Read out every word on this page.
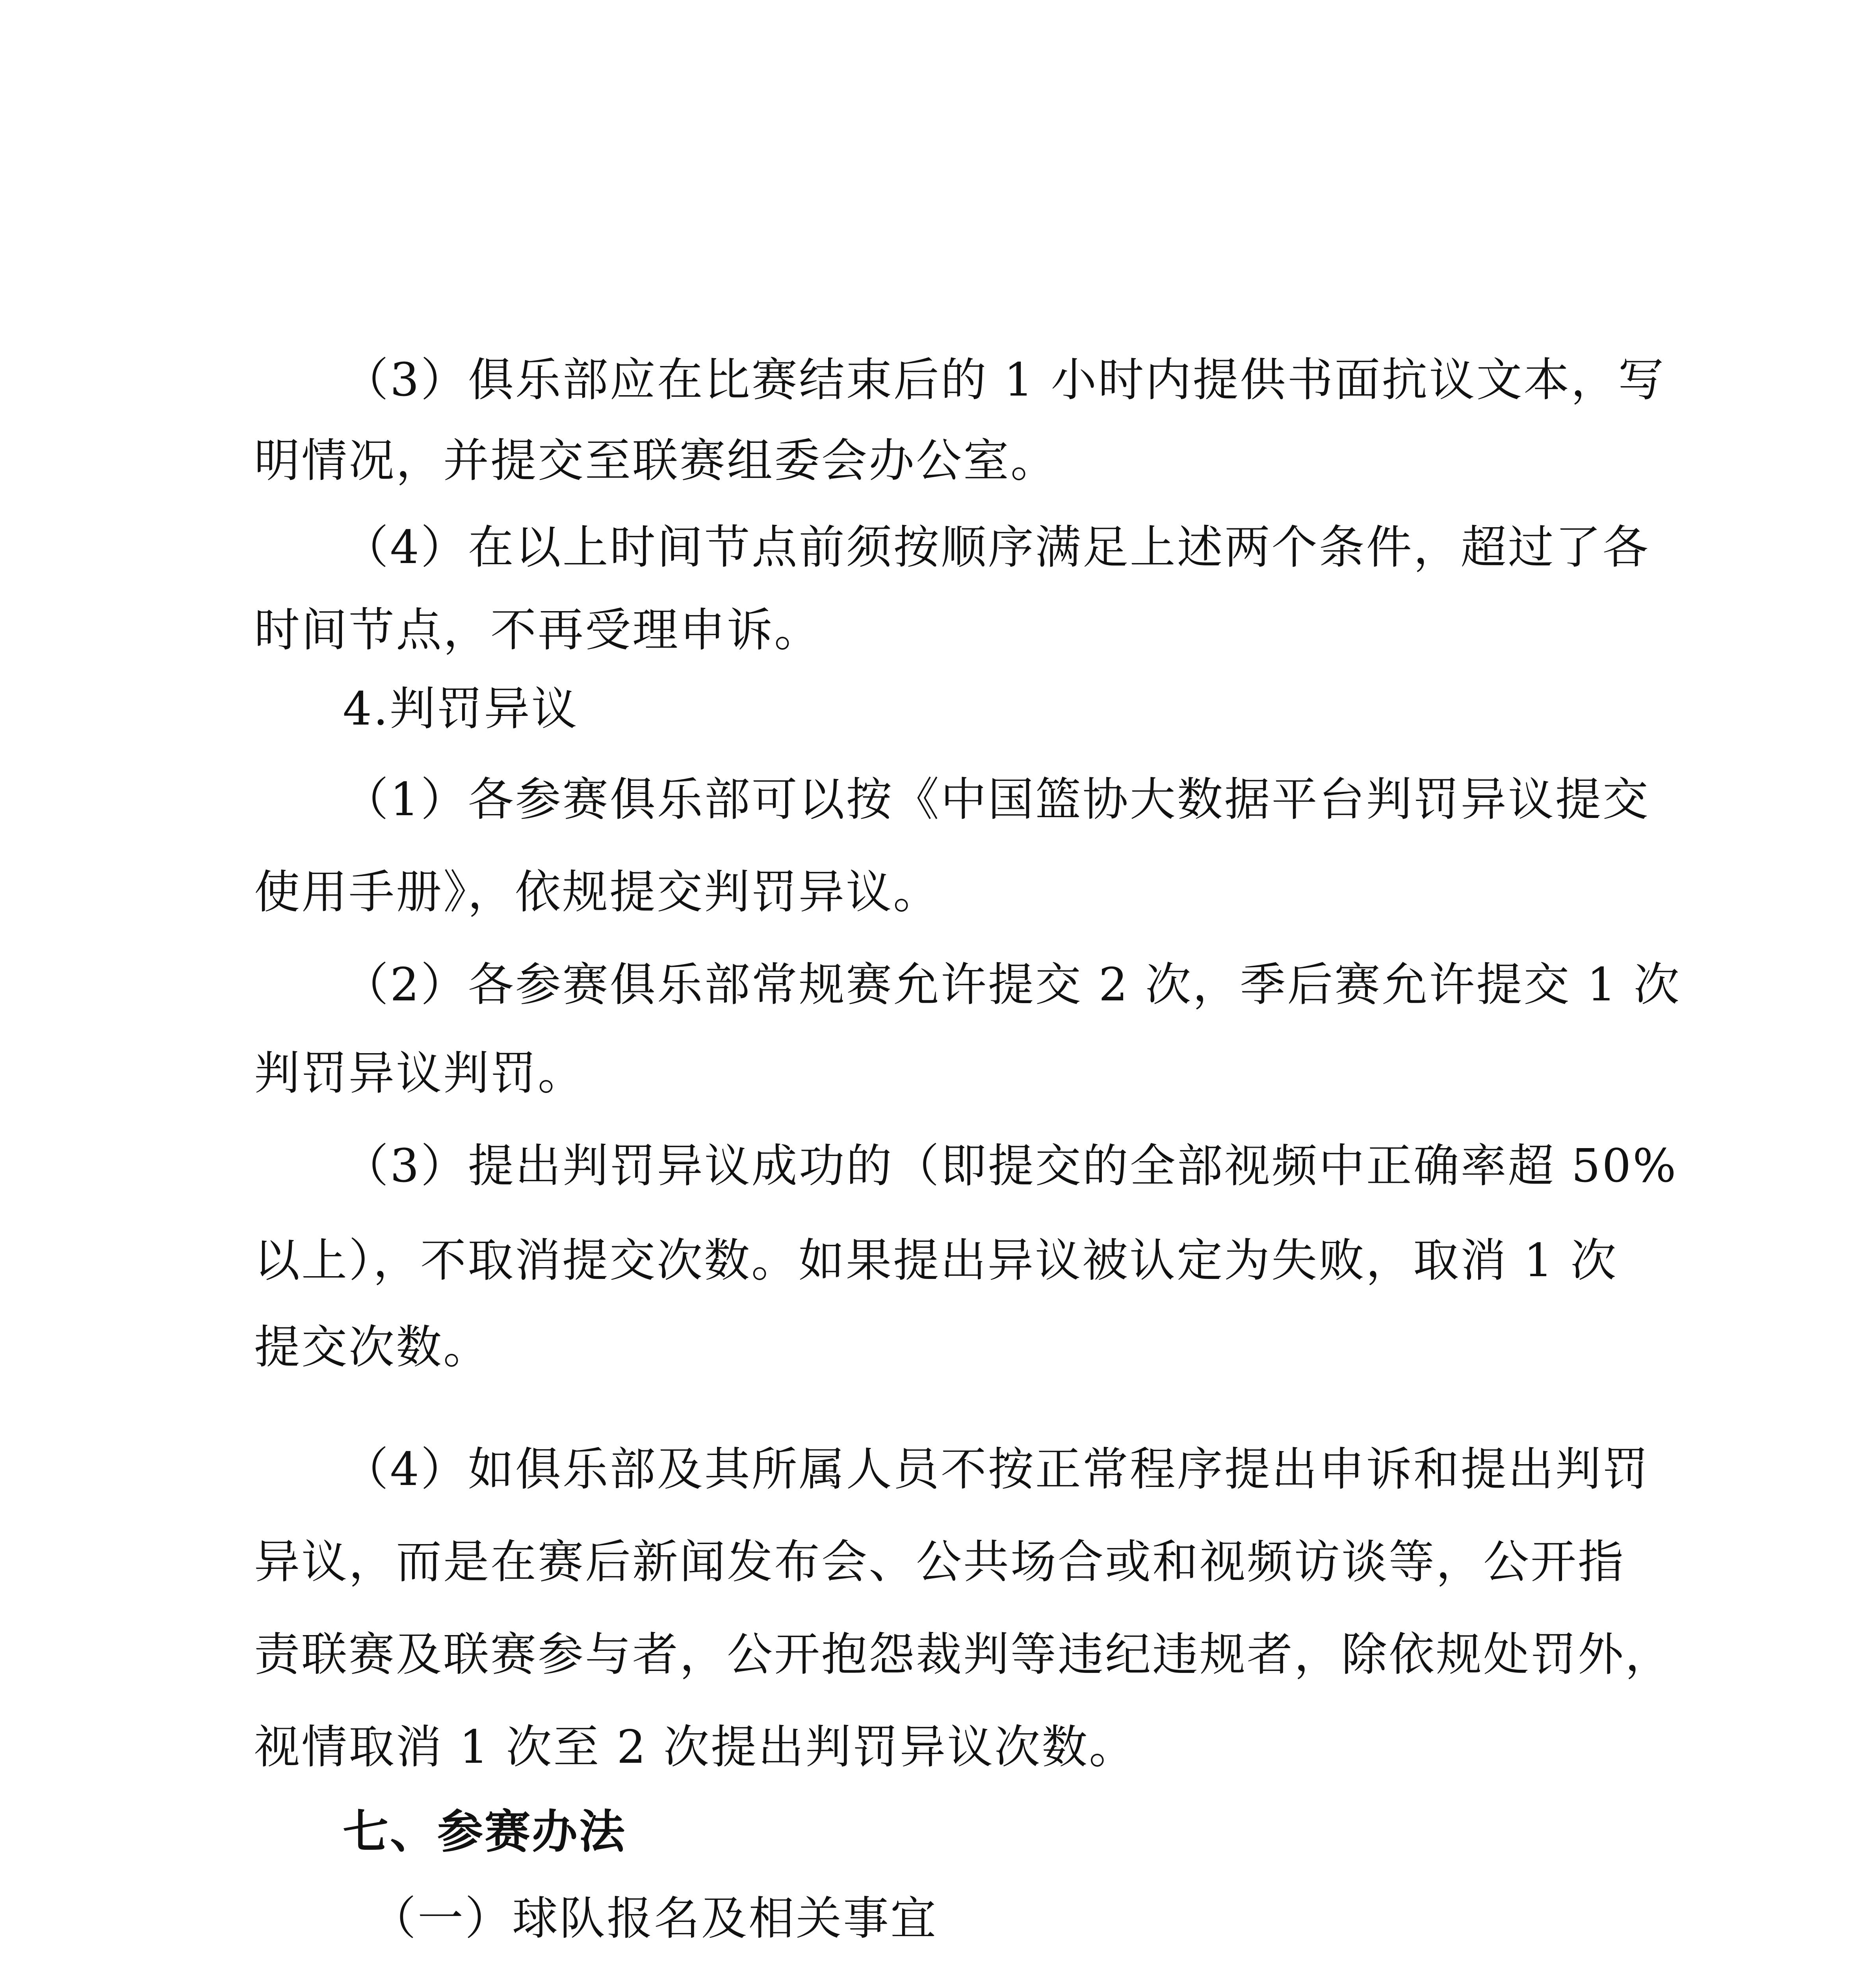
（3）俱乐部应在比赛结束后的 1 小时内提供书面抗议文本，写
明情况，并提交至联赛组委会办公室。
（4）在以上时间节点前须按顺序满足上述两个条件，超过了各
时间节点，不再受理申诉。
4.判罚异议
（1）各参赛俱乐部可以按《中国篮协大数据平台判罚异议提交
使用手册》，依规提交判罚异议。
（2）各参赛俱乐部常规赛允许提交 2 次，季后赛允许提交 1 次
判罚异议判罚。
（3）提出判罚异议成功的（即提交的全部视频中正确率超 50%
以上），不取消提交次数。如果提出异议被认定为失败，取消 1 次
提交次数。
（4）如俱乐部及其所属人员不按正常程序提出申诉和提出判罚
异议，而是在赛后新闻发布会、公共场合或和视频访谈等，公开指
责联赛及联赛参与者，公开抱怨裁判等违纪违规者，除依规处罚外，
视情取消 1 次至 2 次提出判罚异议次数。
七、参赛办法
（一）球队报名及相关事宜
